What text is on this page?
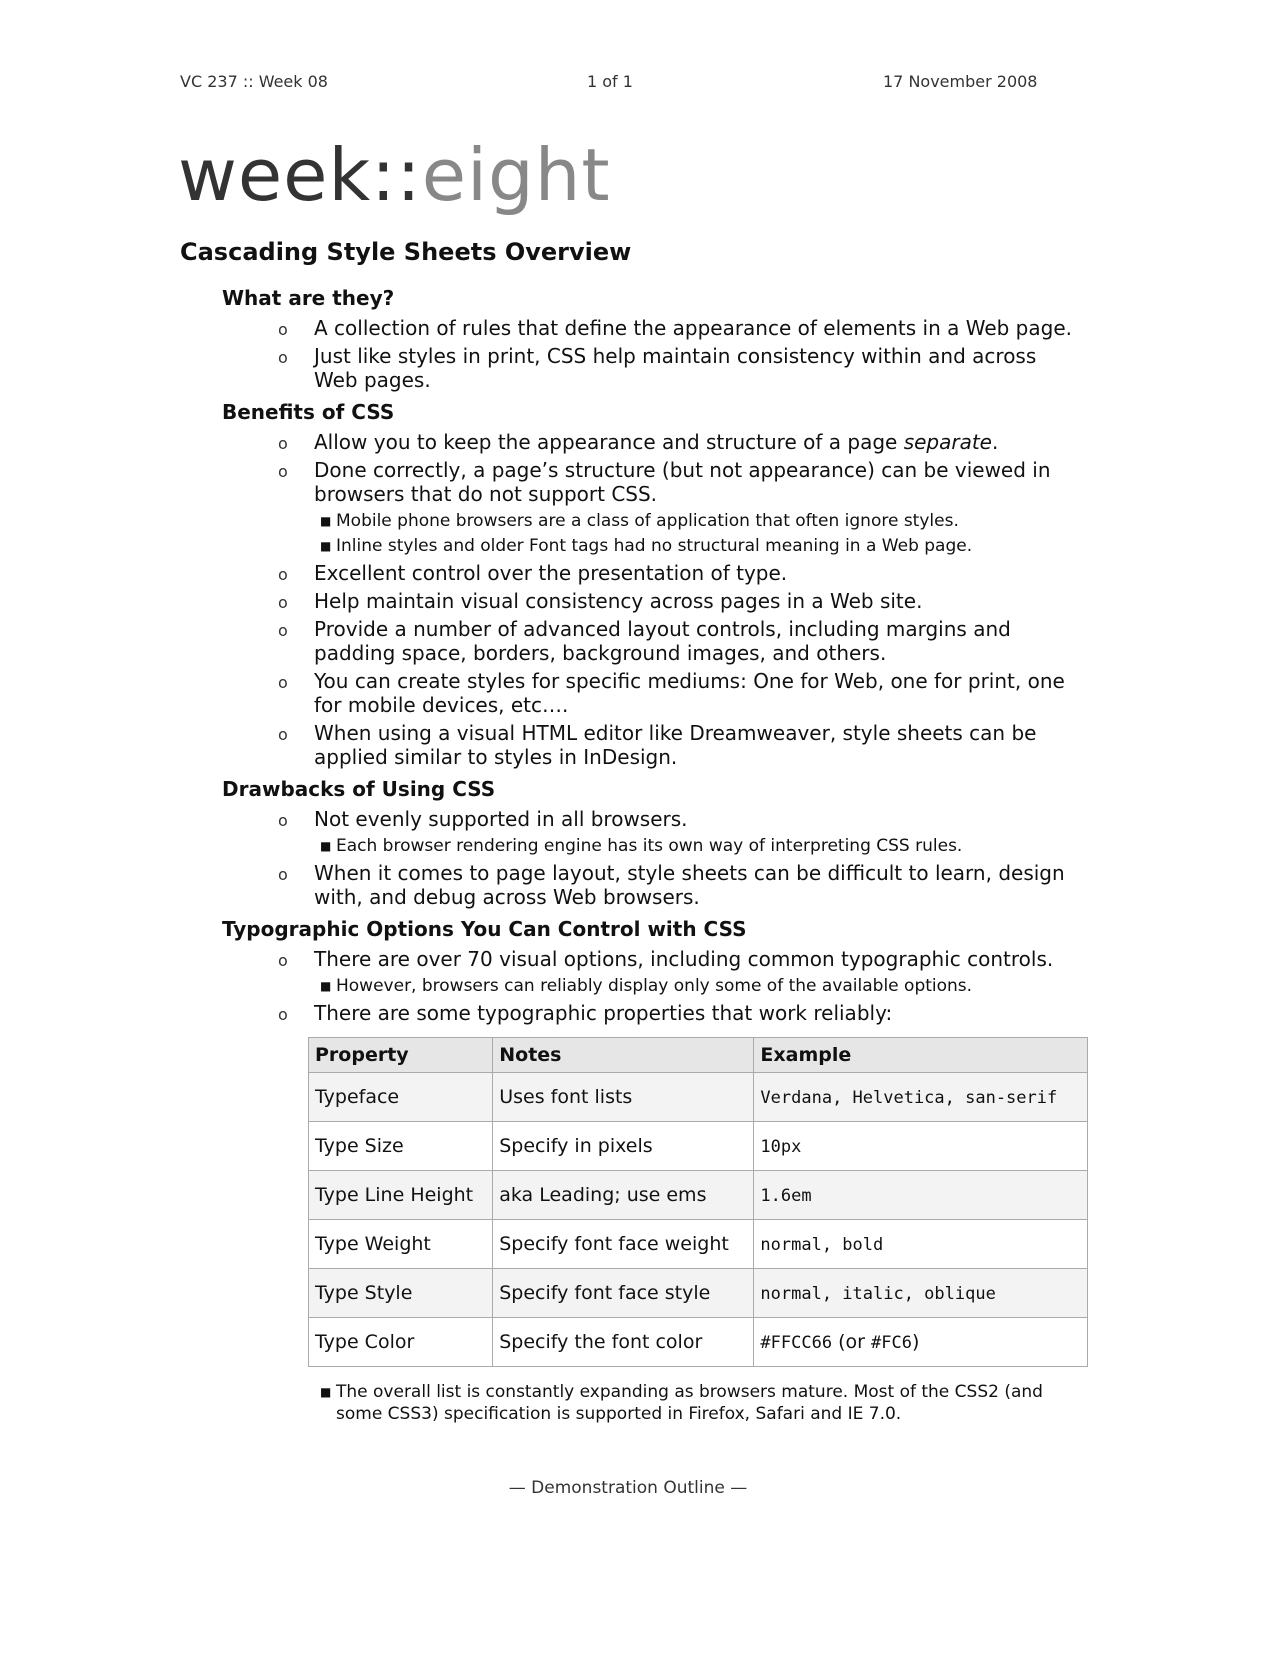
VC 237 :: Week 08	1 of 1	17 November 2008
week::eight
Cascading Style Sheets Overview
What are they?
o A collection of rules that define the appearance of elements in a Web page.
o Just like styles in print, CSS help maintain consistency within and across Web pages.
Benefits of CSS
o Allow you to keep the appearance and structure of a page separate.
o Done correctly, a page’s structure (but not appearance) can be viewed in browsers that do not support CSS.
■ Mobile phone browsers are a class of application that often ignore styles.
■ Inline styles and older Font tags had no structural meaning in a Web page.
o Excellent control over the presentation of type.
o Help maintain visual consistency across pages in a Web site.
o Provide a number of advanced layout controls, including margins and padding space, borders, background images, and others.
o You can create styles for specific mediums: One for Web, one for print, one for mobile devices, etc….
o When using a visual HTML editor like Dreamweaver, style sheets can be applied similar to styles in InDesign.
Drawbacks of Using CSS
o Not evenly supported in all browsers.
■ Each browser rendering engine has its own way of interpreting CSS rules.
o When it comes to page layout, style sheets can be difficult to learn, design with, and debug across Web browsers.
Typographic Options You Can Control with CSS
o There are over 70 visual options, including common typographic controls.
■ However, browsers can reliably display only some of the available options.
o There are some typographic properties that work reliably:
Property	Notes	Example
Typeface	Uses font lists	Verdana, Helvetica, san-serif
Type Size	Specify in pixels	10px
Type Line Height	aka Leading; use ems	1.6em
Type Weight	Specify font face weight	normal, bold
Type Style	Specify font face style	normal, italic, oblique
Type Color	Specify the font color	#FFCC66 (or #FC6)
■ The overall list is constantly expanding as browsers mature. Most of the CSS2 (and some CSS3) specification is supported in Firefox, Safari and IE 7.0.
— Demonstration Outline —
